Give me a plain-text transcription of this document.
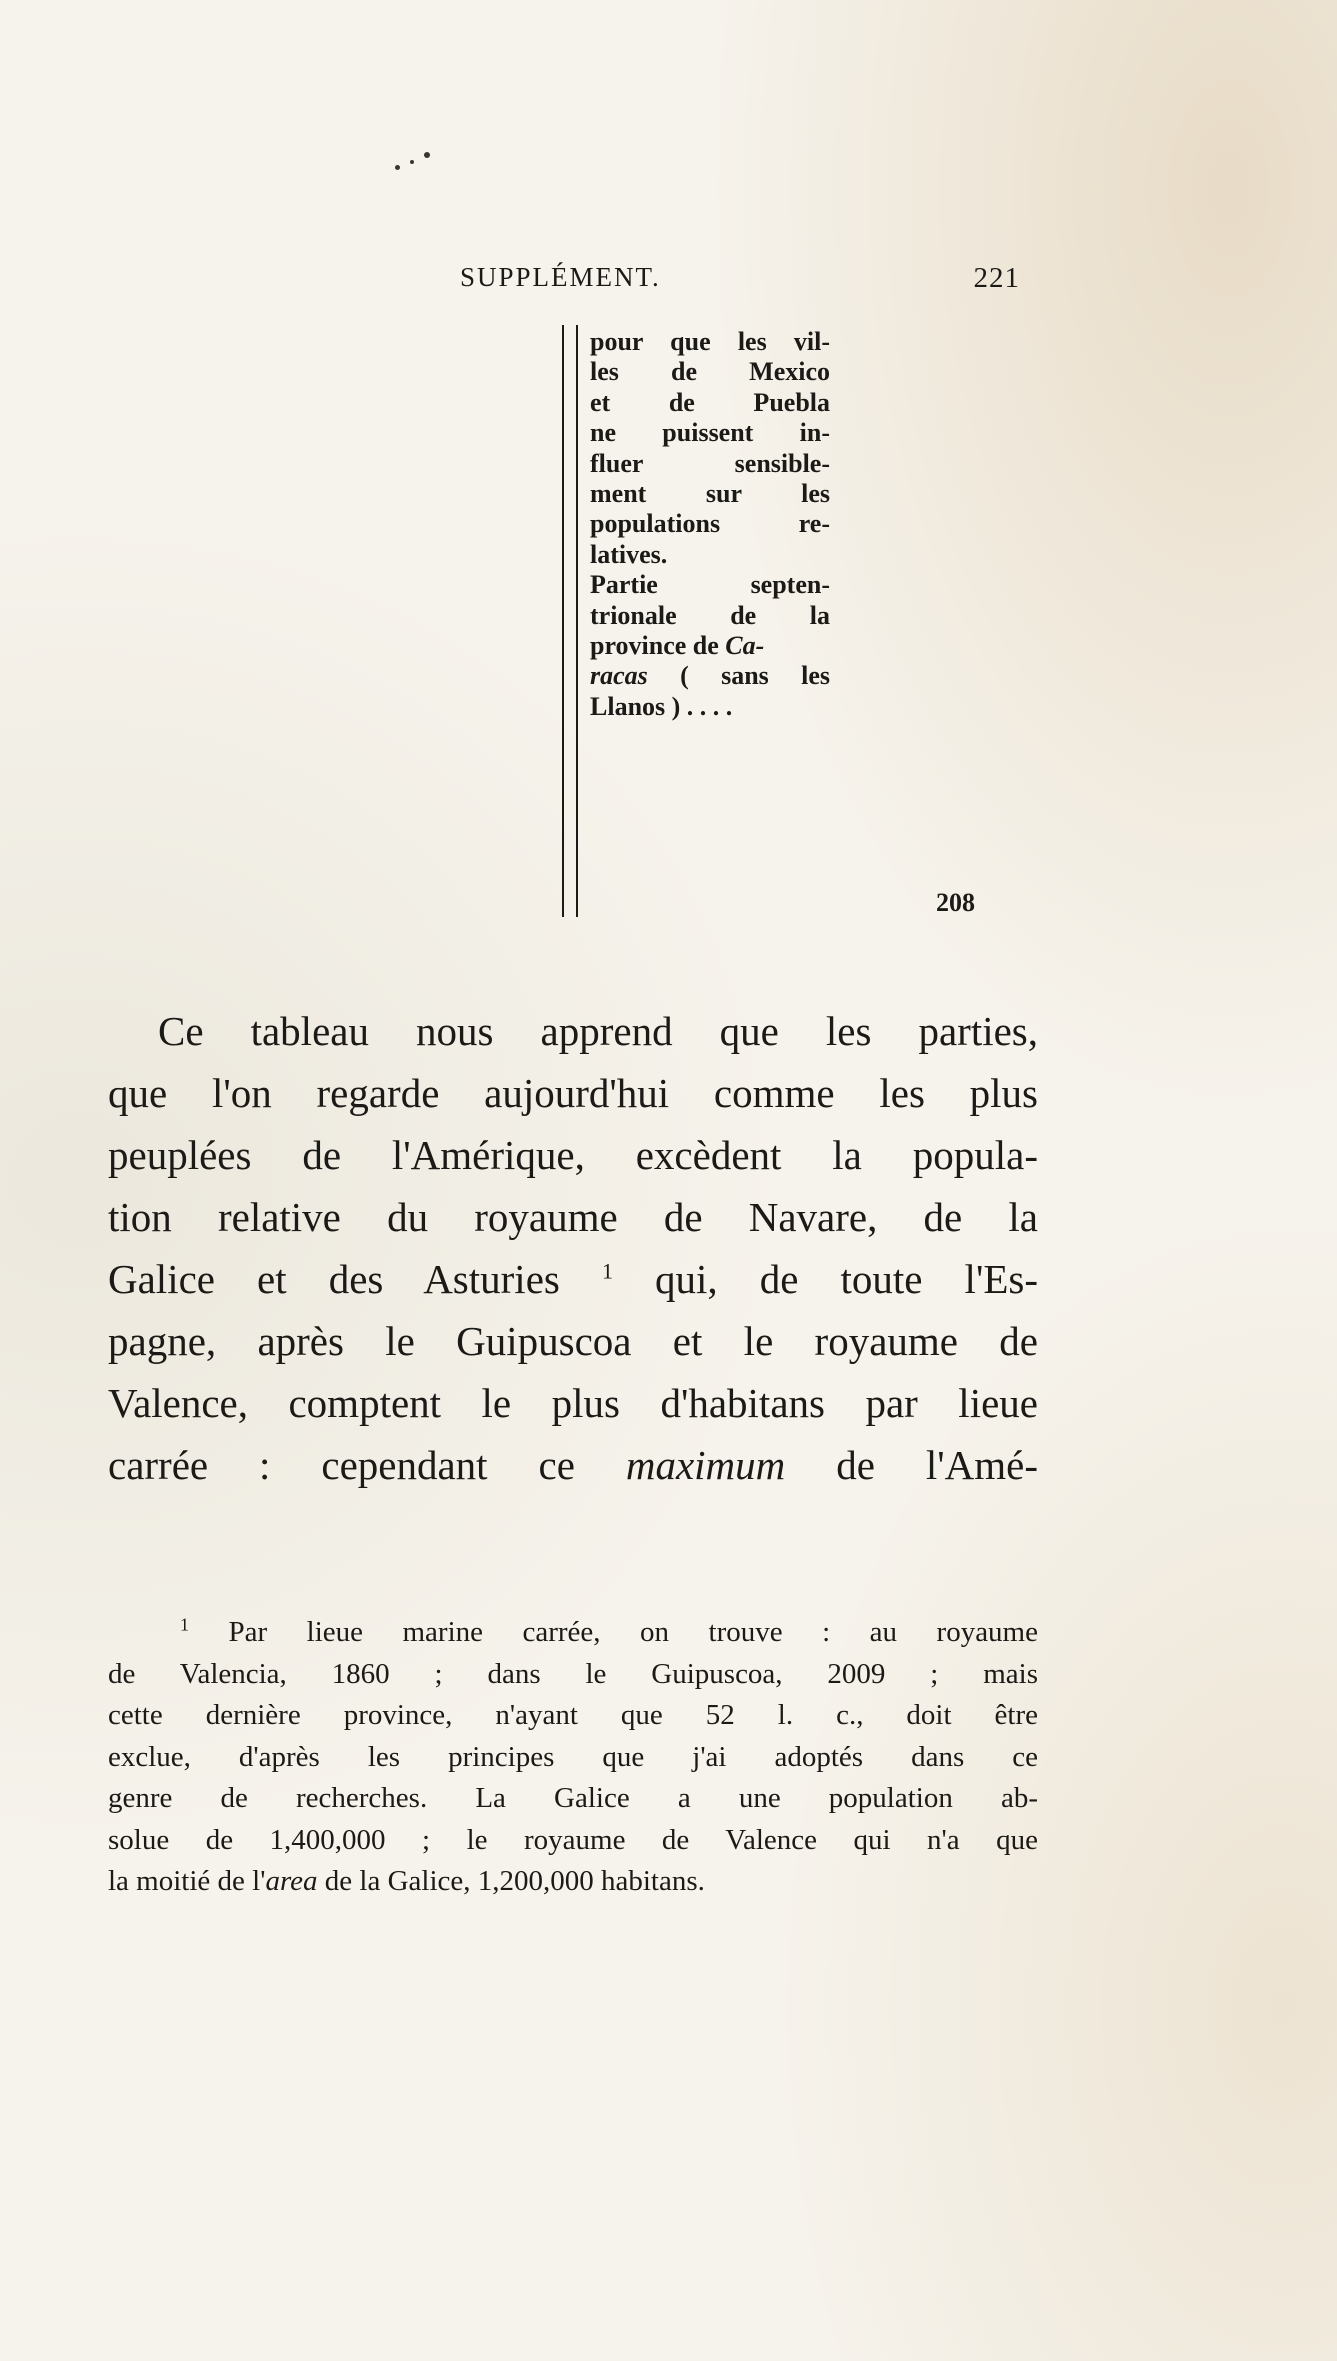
SUPPLÉMENT.	221
pour que les vil-
les de Mexico
et de Puebla
ne puissent in-
fluer sensible-
ment sur les
populations re-
latives.
Partie septen-
trionale de la
province de Ca-
racas ( sans les
Llanos ) . . . .
208
Ce tableau nous apprend que les parties,
que l'on regarde aujourd'hui comme les plus
peuplées de l'Amérique, excèdent la popula-
tion relative du royaume de Navare, de la
Galice et des Asturies $^1$ qui, de toute l'Es-
pagne, après le Guipuscoa et le royaume de
Valence, comptent le plus d'habitans par lieue
carrée : cependant ce maximum de l'Amé-
$^1$ Par lieue marine carrée, on trouve : au royaume
de Valencia, 1860 ; dans le Guipuscoa, 2009 ; mais
cette dernière province, n'ayant que 52 l. c., doit être
exclue, d'après les principes que j'ai adoptés dans ce
genre de recherches. La Galice a une population ab-
solue de 1,400,000 ; le royaume de Valence qui n'a que
la moitié de l'area de la Galice, 1,200,000 habitans.
